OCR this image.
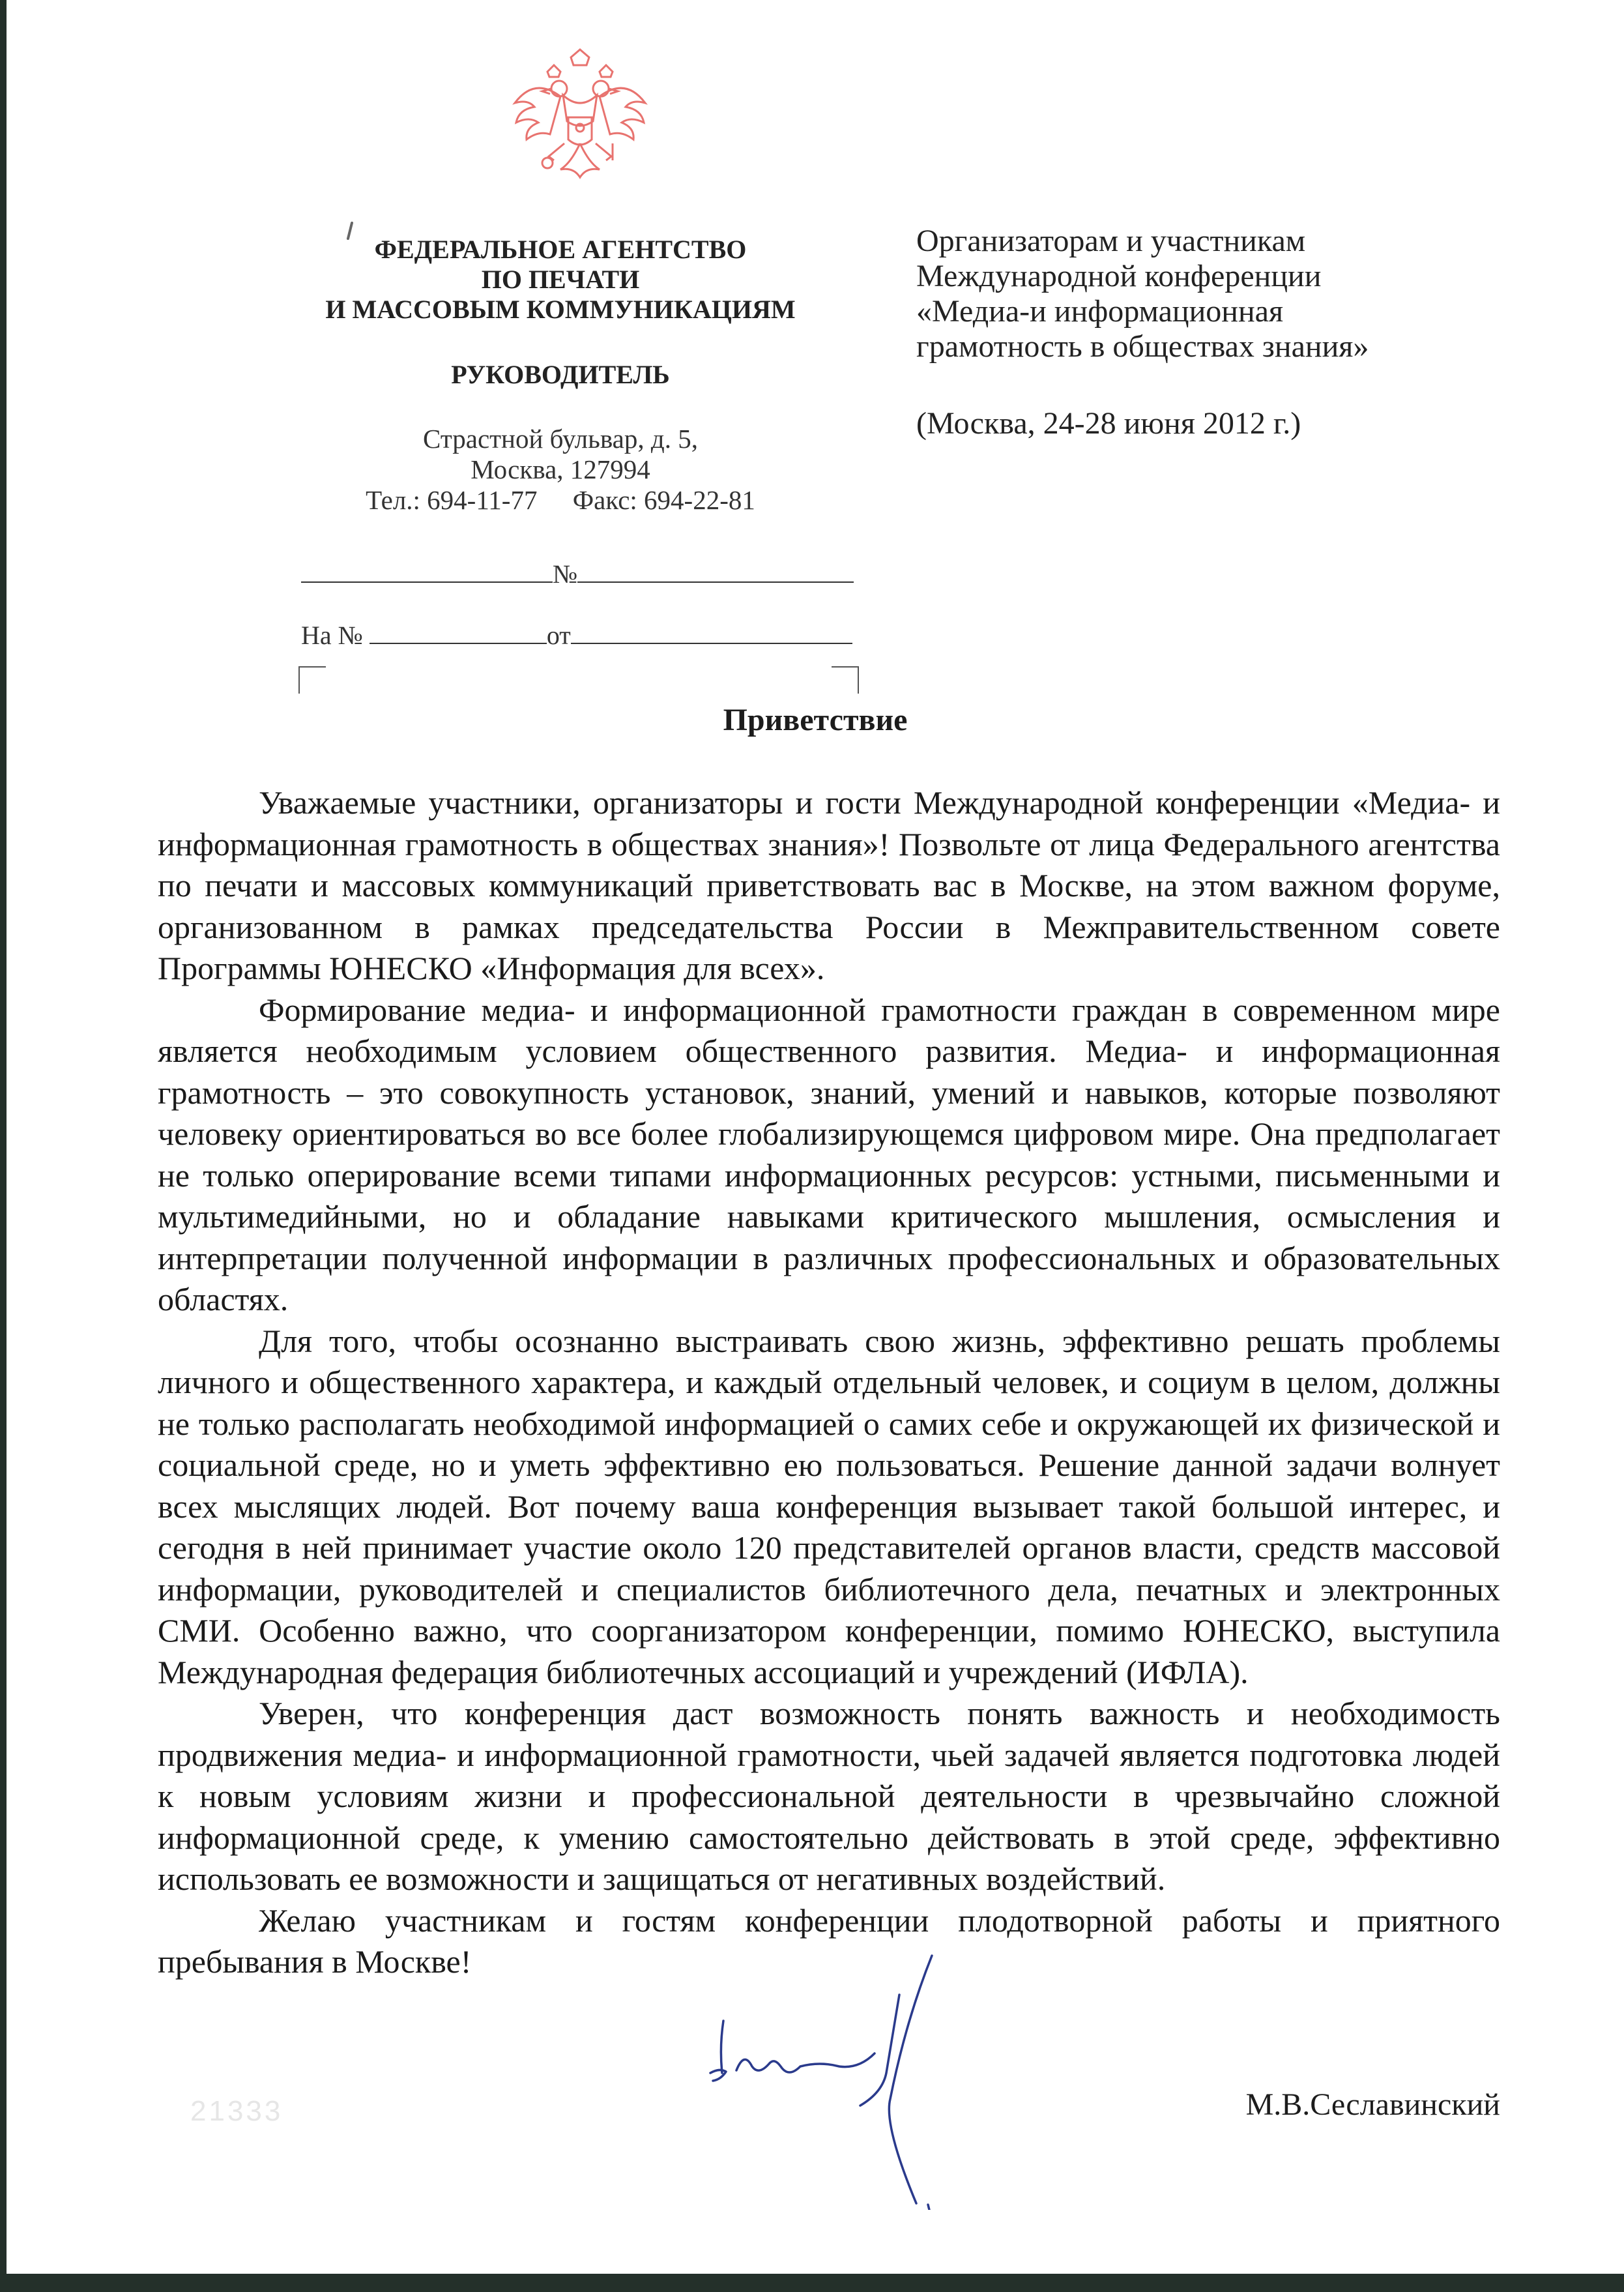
ФЕДЕРАЛЬНОЕ АГЕНТСТВО
ПО ПЕЧАТИ
И МАССОВЫМ КОММУНИКАЦИЯМ
РУКОВОДИТЕЛЬ
Страстной бульвар, д. 5,
Москва, 127994
Тел.: 694-11-77 Факс: 694-22-81
№
На №	от
Организаторам и участникам
Международной конференции
«Медиа-и информационная
грамотность в обществах знания»
(Москва, 24-28 июня 2012 г.)
Приветствие

Уважаемые участники, организаторы и гости Международной конференции «Медиа- и информационная грамотность в обществах знания»! Позвольте от лица Федерального агентства по печати и массовых коммуникаций приветствовать вас в Москве, на этом важном форуме, организованном в рамках председательства России в Межправительственном совете Программы ЮНЕСКО «Информация для всех».

Формирование медиа- и информационной грамотности граждан в современном мире является необходимым условием общественного развития. Медиа- и информационная грамотность – это совокупность установок, знаний, умений и навыков, которые позволяют человеку ориентироваться во все более глобализирующемся цифровом мире. Она предполагает не только оперирование всеми типами информационных ресурсов: устными, письменными и мультимедийными, но и обладание навыками критического мышления, осмысления и интерпретации полученной информации в различных профессиональных и образовательных областях.

Для того, чтобы осознанно выстраивать свою жизнь, эффективно решать проблемы личного и общественного характера, и каждый отдельный человек, и социум в целом, должны не только располагать необходимой информацией о самих себе и окружающей их физической и социальной среде, но и уметь эффективно ею пользоваться. Решение данной задачи волнует всех мыслящих людей. Вот почему ваша конференция вызывает такой большой интерес, и сегодня в ней принимает участие около 120 представителей органов власти, средств массовой информации, руководителей и специалистов библиотечного дела, печатных и электронных СМИ. Особенно важно, что соорганизатором конференции, помимо ЮНЕСКО, выступила Международная федерация библиотечных ассоциаций и учреждений (ИФЛА).

Уверен, что конференция даст возможность понять важность и необходимость продвижения медиа- и информационной грамотности, чьей задачей является подготовка людей к новым условиям жизни и профессиональной деятельности в чрезвычайно сложной информационной среде, к умению самостоятельно действовать в этой среде, эффективно использовать ее возможности и защищаться от негативных воздействий.

Желаю участникам и гостям конференции плодотворной работы и приятного пребывания в Москве!

М.В.Сеславинский
21333
